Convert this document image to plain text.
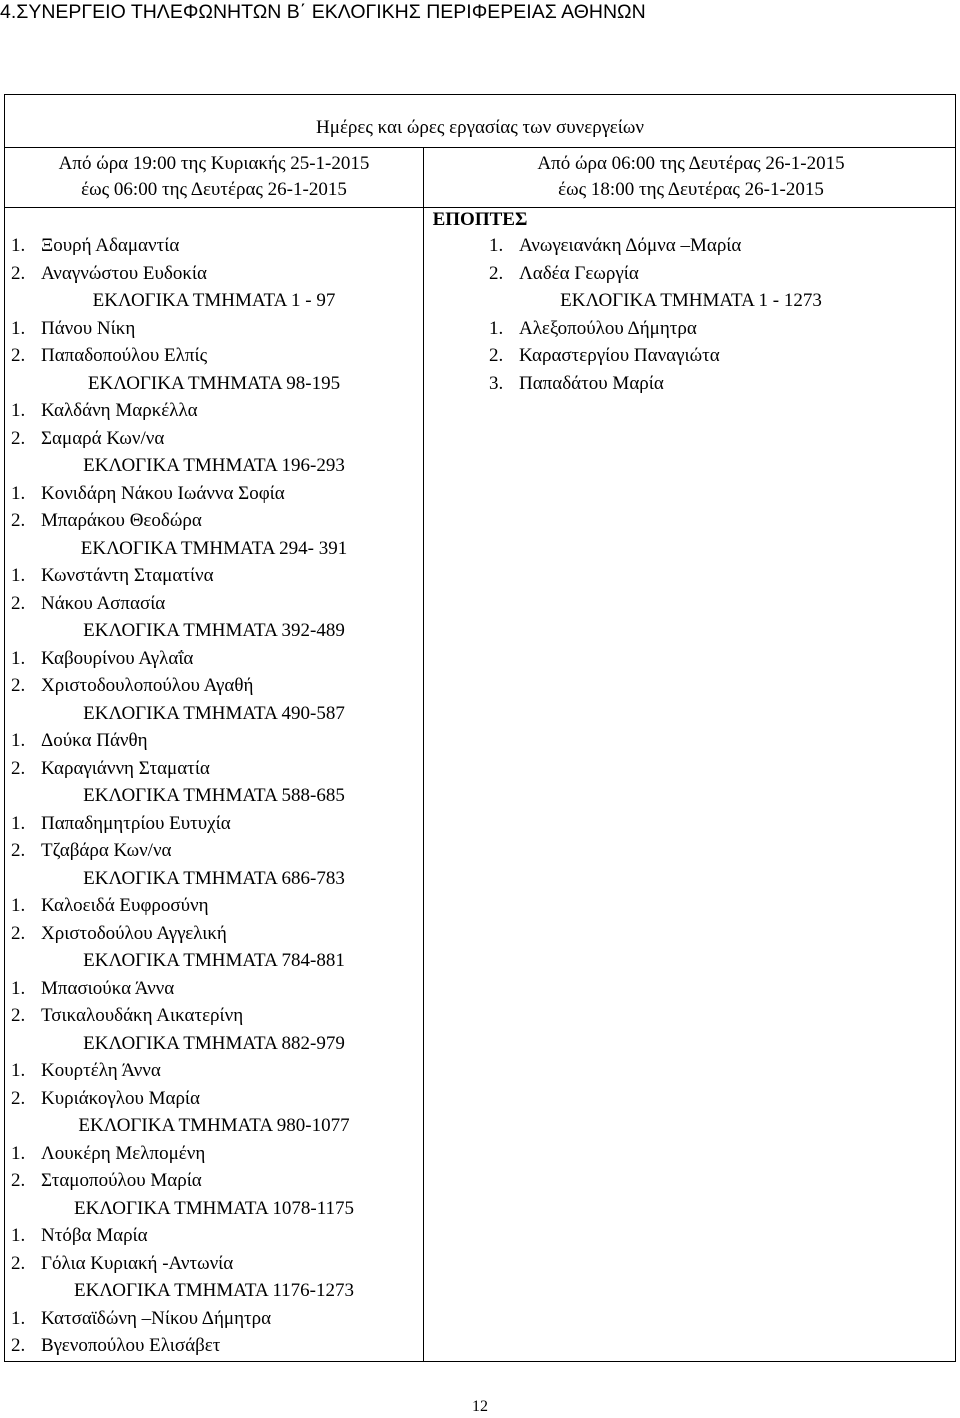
4.ΣΥΝΕΡΓΕΙΟ ΤΗΛΕΦΩΝΗΤΩΝ Β΄ ΕΚΛΟΓΙΚΗΣ ΠΕΡΙΦΕΡΕΙΑΣ ΑΘΗΝΩΝ
Ημέρες και ώρες εργασίας των συνεργείων
Από ώρα 19:00 της Κυριακής 25-1-2015
έως 06:00 της Δευτέρας 26-1-2015
Από ώρα 06:00 της Δευτέρας 26-1-2015
έως 18:00 της Δευτέρας 26-1-2015
ΕΠΟΠΤΕΣ
1. Ξουρή Αδαμαντία
2. Αναγνώστου Ευδοκία
ΕΚΛΟΓΙΚΑ ΤΜΗΜΑΤΑ 1 - 97
1. Πάνου Νίκη
2. Παπαδοπούλου Ελπίς
ΕΚΛΟΓΙΚΑ ΤΜΗΜΑΤΑ 98-195
1. Καλδάνη Μαρκέλλα
2. Σαμαρά Κων/να
ΕΚΛΟΓΙΚΑ ΤΜΗΜΑΤΑ 196-293
1. Κονιδάρη Νάκου Ιωάννα Σοφία
2. Μπαράκου Θεοδώρα
ΕΚΛΟΓΙΚΑ ΤΜΗΜΑΤΑ 294- 391
1. Κωνστάντη Σταματίνα
2. Νάκου Ασπασία
ΕΚΛΟΓΙΚΑ ΤΜΗΜΑΤΑ 392-489
1. Καβουρίνου Αγλαΐα
2. Χριστοδουλοπούλου Αγαθή
ΕΚΛΟΓΙΚΑ ΤΜΗΜΑΤΑ 490-587
1. Δούκα Πάνθη
2. Καραγιάννη Σταματία
ΕΚΛΟΓΙΚΑ ΤΜΗΜΑΤΑ 588-685
1. Παπαδημητρίου Ευτυχία
2. Τζαβάρα Κων/να
ΕΚΛΟΓΙΚΑ ΤΜΗΜΑΤΑ 686-783
1. Καλοειδά Ευφροσύνη
2. Χριστοδούλου Αγγελική
ΕΚΛΟΓΙΚΑ ΤΜΗΜΑΤΑ 784-881
1. Μπασιούκα Άννα
2. Τσικαλουδάκη Αικατερίνη
ΕΚΛΟΓΙΚΑ ΤΜΗΜΑΤΑ 882-979
1. Κουρτέλη Άννα
2. Κυριάκογλου Μαρία
ΕΚΛΟΓΙΚΑ ΤΜΗΜΑΤΑ 980-1077
1. Λουκέρη Μελπομένη
2. Σταμοπούλου Μαρία
ΕΚΛΟΓΙΚΑ ΤΜΗΜΑΤΑ 1078-1175
1. Ντόβα Μαρία
2. Γόλια Κυριακή -Αντωνία
ΕΚΛΟΓΙΚΑ ΤΜΗΜΑΤΑ 1176-1273
1. Κατσαϊδώνη –Νίκου Δήμητρα
2. Βγενοπούλου Ελισάβετ
1. Ανωγειανάκη Δόμνα –Μαρία
2. Λαδέα Γεωργία
ΕΚΛΟΓΙΚΑ ΤΜΗΜΑΤΑ 1 - 1273
1. Αλεξοπούλου Δήμητρα
2. Καραστεργίου Παναγιώτα
3. Παπαδάτου Μαρία
12
